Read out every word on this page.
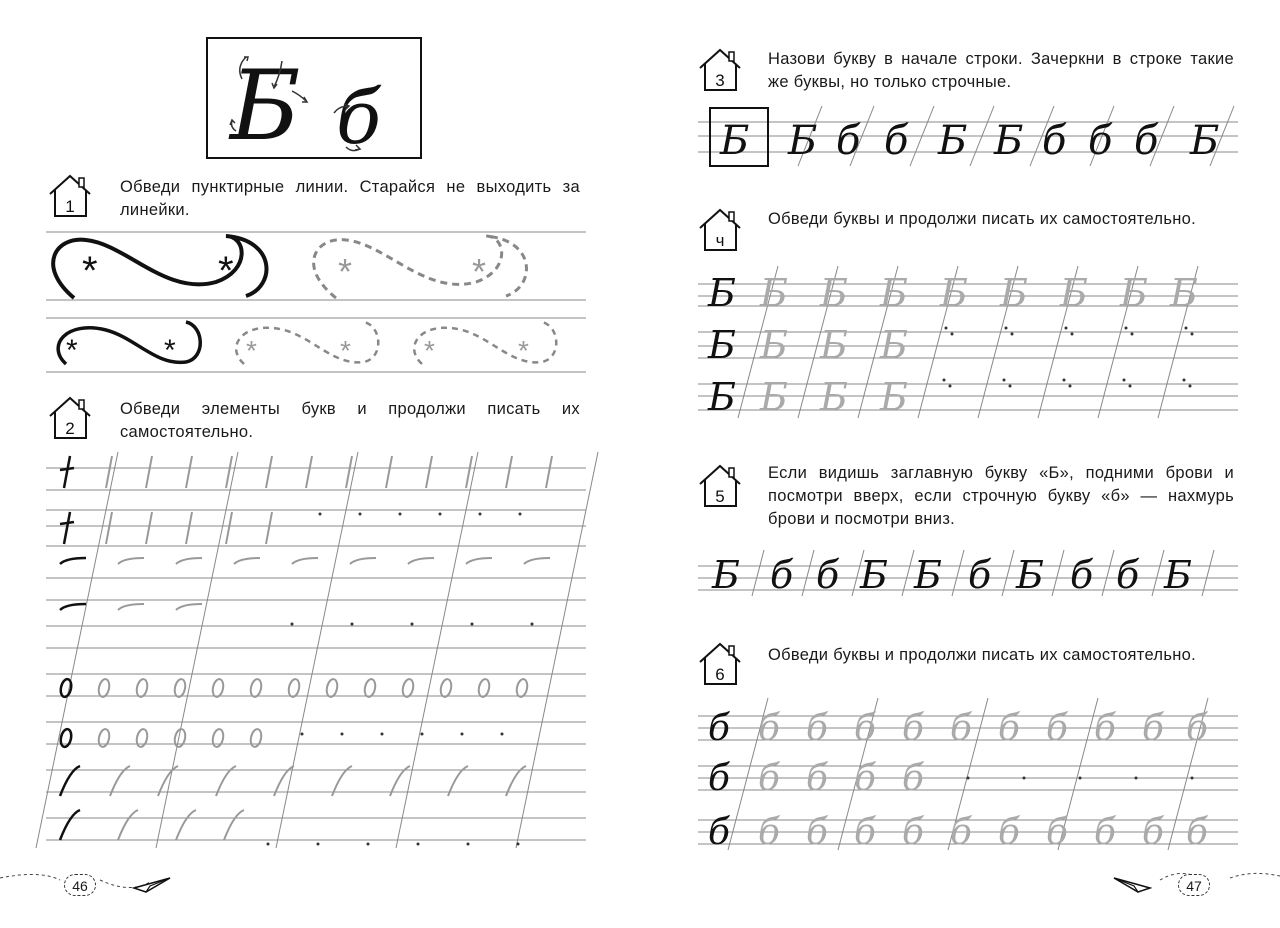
Б б
1
Обведи пунктирные линии. Старайся не выходить за линейки.
*	*	*	*
*	*	*	*	*	*
2
Обведи элементы букв и продолжи писать их самостоятельно.
46
3
Назови букву в начале строки. Зачеркни в строке такие же буквы, но только строчные.
Б Б б б Б Б б б б Б
ч
Обведи буквы и продолжи писать их самостоятельно.
Б
Б
Б
Б Б Б Б Б Б Б Б
Б Б Б
Б Б Б
5
Если видишь заглавную букву «Б», подними брови и посмотри вверх, если строчную букву «б» — нахмурь брови и посмотри вниз.
Б б б Б Б б Б б б Б
6
Обведи буквы и продолжи писать их самостоятельно.
б
б
б
б б б б б б б б б б
б б б б
б б б б б б б б б б
47
